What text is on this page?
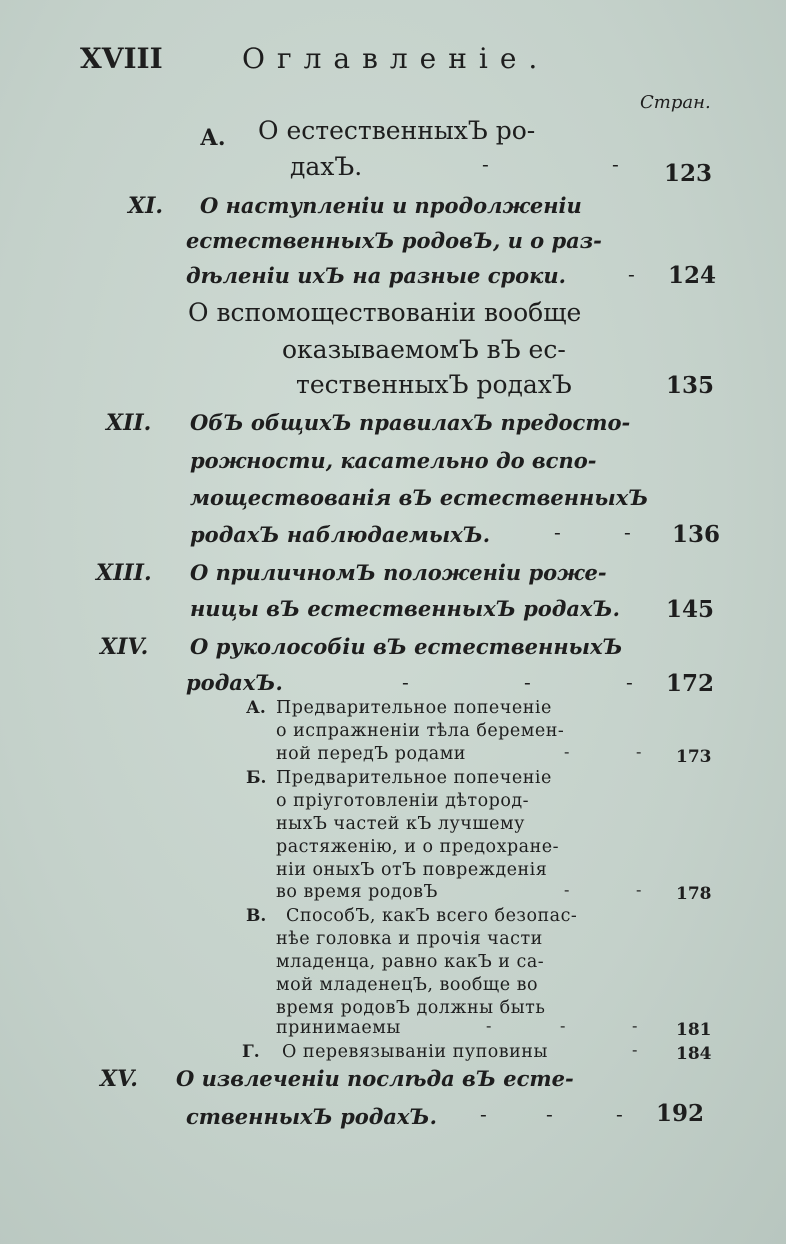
XVIII	Оглавленiе.
Стран.
А. О естественныхЪ ро-
дахЪ.	-	- 123
XI. О наступленiи и продолженiи
естественныхЪ родовЪ, и о раз-
дѣленiи ихЪ на разные сроки.	- 124
О вспомоществованiи вообще
оказываемомЪ вЪ ес-
тественныхЪ родахЪ	135
XII. ОбЪ общихЪ правилахЪ предосто-
рожности, касательно до вспо-
моществованiя вЪ естественныхЪ
родахЪ наблюдаемыхЪ.	-	- 136
XIII. О приличномЪ положенiи роже-
ницы вЪ естественныхЪ родахЪ. 145
XIV. О руколособiи вЪ естественныхЪ
родахЪ.	-	-	- 172
А. Предварительное попеченiе
о испражненiи тѣла беремен-
ной передЪ родами	-	- 173
Б. Предварительное попеченiе
о прiуготовленiи дѣтород-
ныхЪ частей кЪ лучшему
растяженiю, и о предохране-
нiи оныхЪ отЪ поврежденiя
во время родовЪ	-	- 178
В. СпособЪ, какЪ всего безопас-
нѣе головка и прочiя части
младенца, равно какЪ и са-
мой младенецЪ, вообще во
время родовЪ должны быть
принимаемы	-	-	- 181
Г. О перевязыванiи пуповины	- 184
XV. О извлеченiи послѣда вЪ есте-
ственныхЪ родахЪ. -	-	- 192
